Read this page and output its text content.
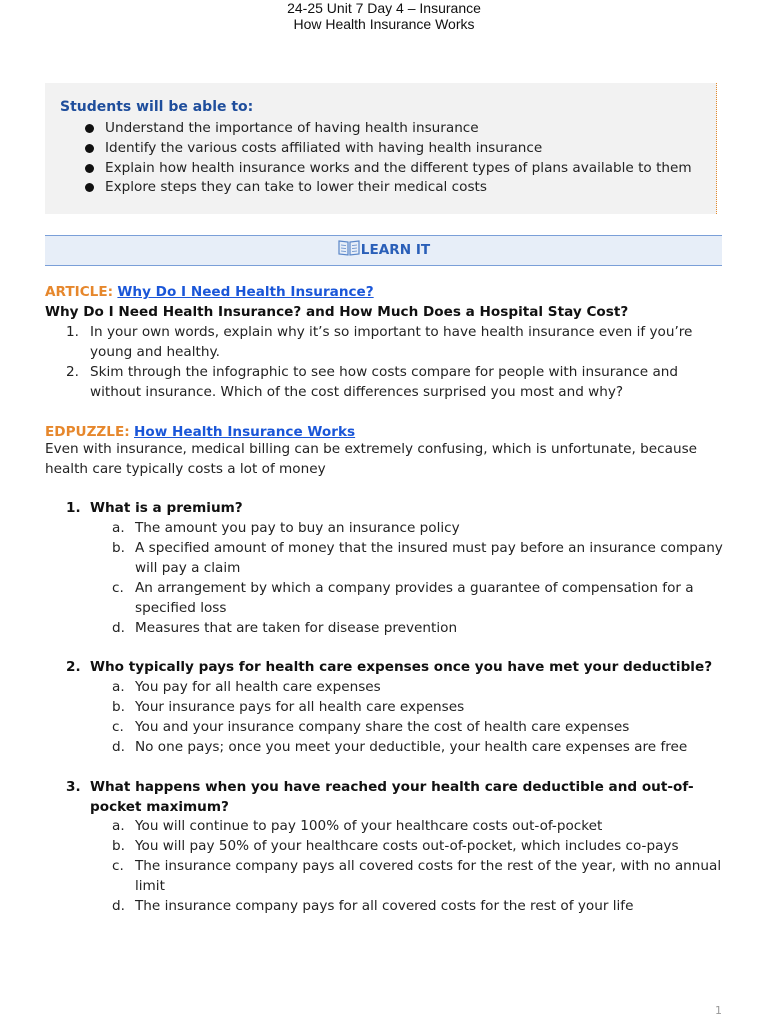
24-25 Unit 7 Day 4 – Insurance
How Health Insurance Works
Students will be able to:
Understand the importance of having health insurance
Identify the various costs affiliated with having health insurance
Explain how health insurance works and the different types of plans available to them
Explore steps they can take to lower their medical costs
LEARN IT
ARTICLE: Why Do I Need Health Insurance?
Why Do I Need Health Insurance? and How Much Does a Hospital Stay Cost?
1. In your own words, explain why it’s so important to have health insurance even if you’re
young and healthy.
2. Skim through the infographic to see how costs compare for people with insurance and
without insurance. Which of the cost differences surprised you most and why?
EDPUZZLE: How Health Insurance Works
Even with insurance, medical billing can be extremely confusing, which is unfortunate, because
health care typically costs a lot of money
1. What is a premium?
a. The amount you pay to buy an insurance policy
b. A specified amount of money that the insured must pay before an insurance company will pay a claim
c. An arrangement by which a company provides a guarantee of compensation for a specified loss
d. Measures that are taken for disease prevention
2. Who typically pays for health care expenses once you have met your deductible?
a. You pay for all health care expenses
b. Your insurance pays for all health care expenses
c. You and your insurance company share the cost of health care expenses
d. No one pays; once you meet your deductible, your health care expenses are free
3. What happens when you have reached your health care deductible and out-of-pocket maximum?
a. You will continue to pay 100% of your healthcare costs out-of-pocket
b. You will pay 50% of your healthcare costs out-of-pocket, which includes co-pays
c. The insurance company pays all covered costs for the rest of the year, with no annual limit
d. The insurance company pays for all covered costs for the rest of your life
1
